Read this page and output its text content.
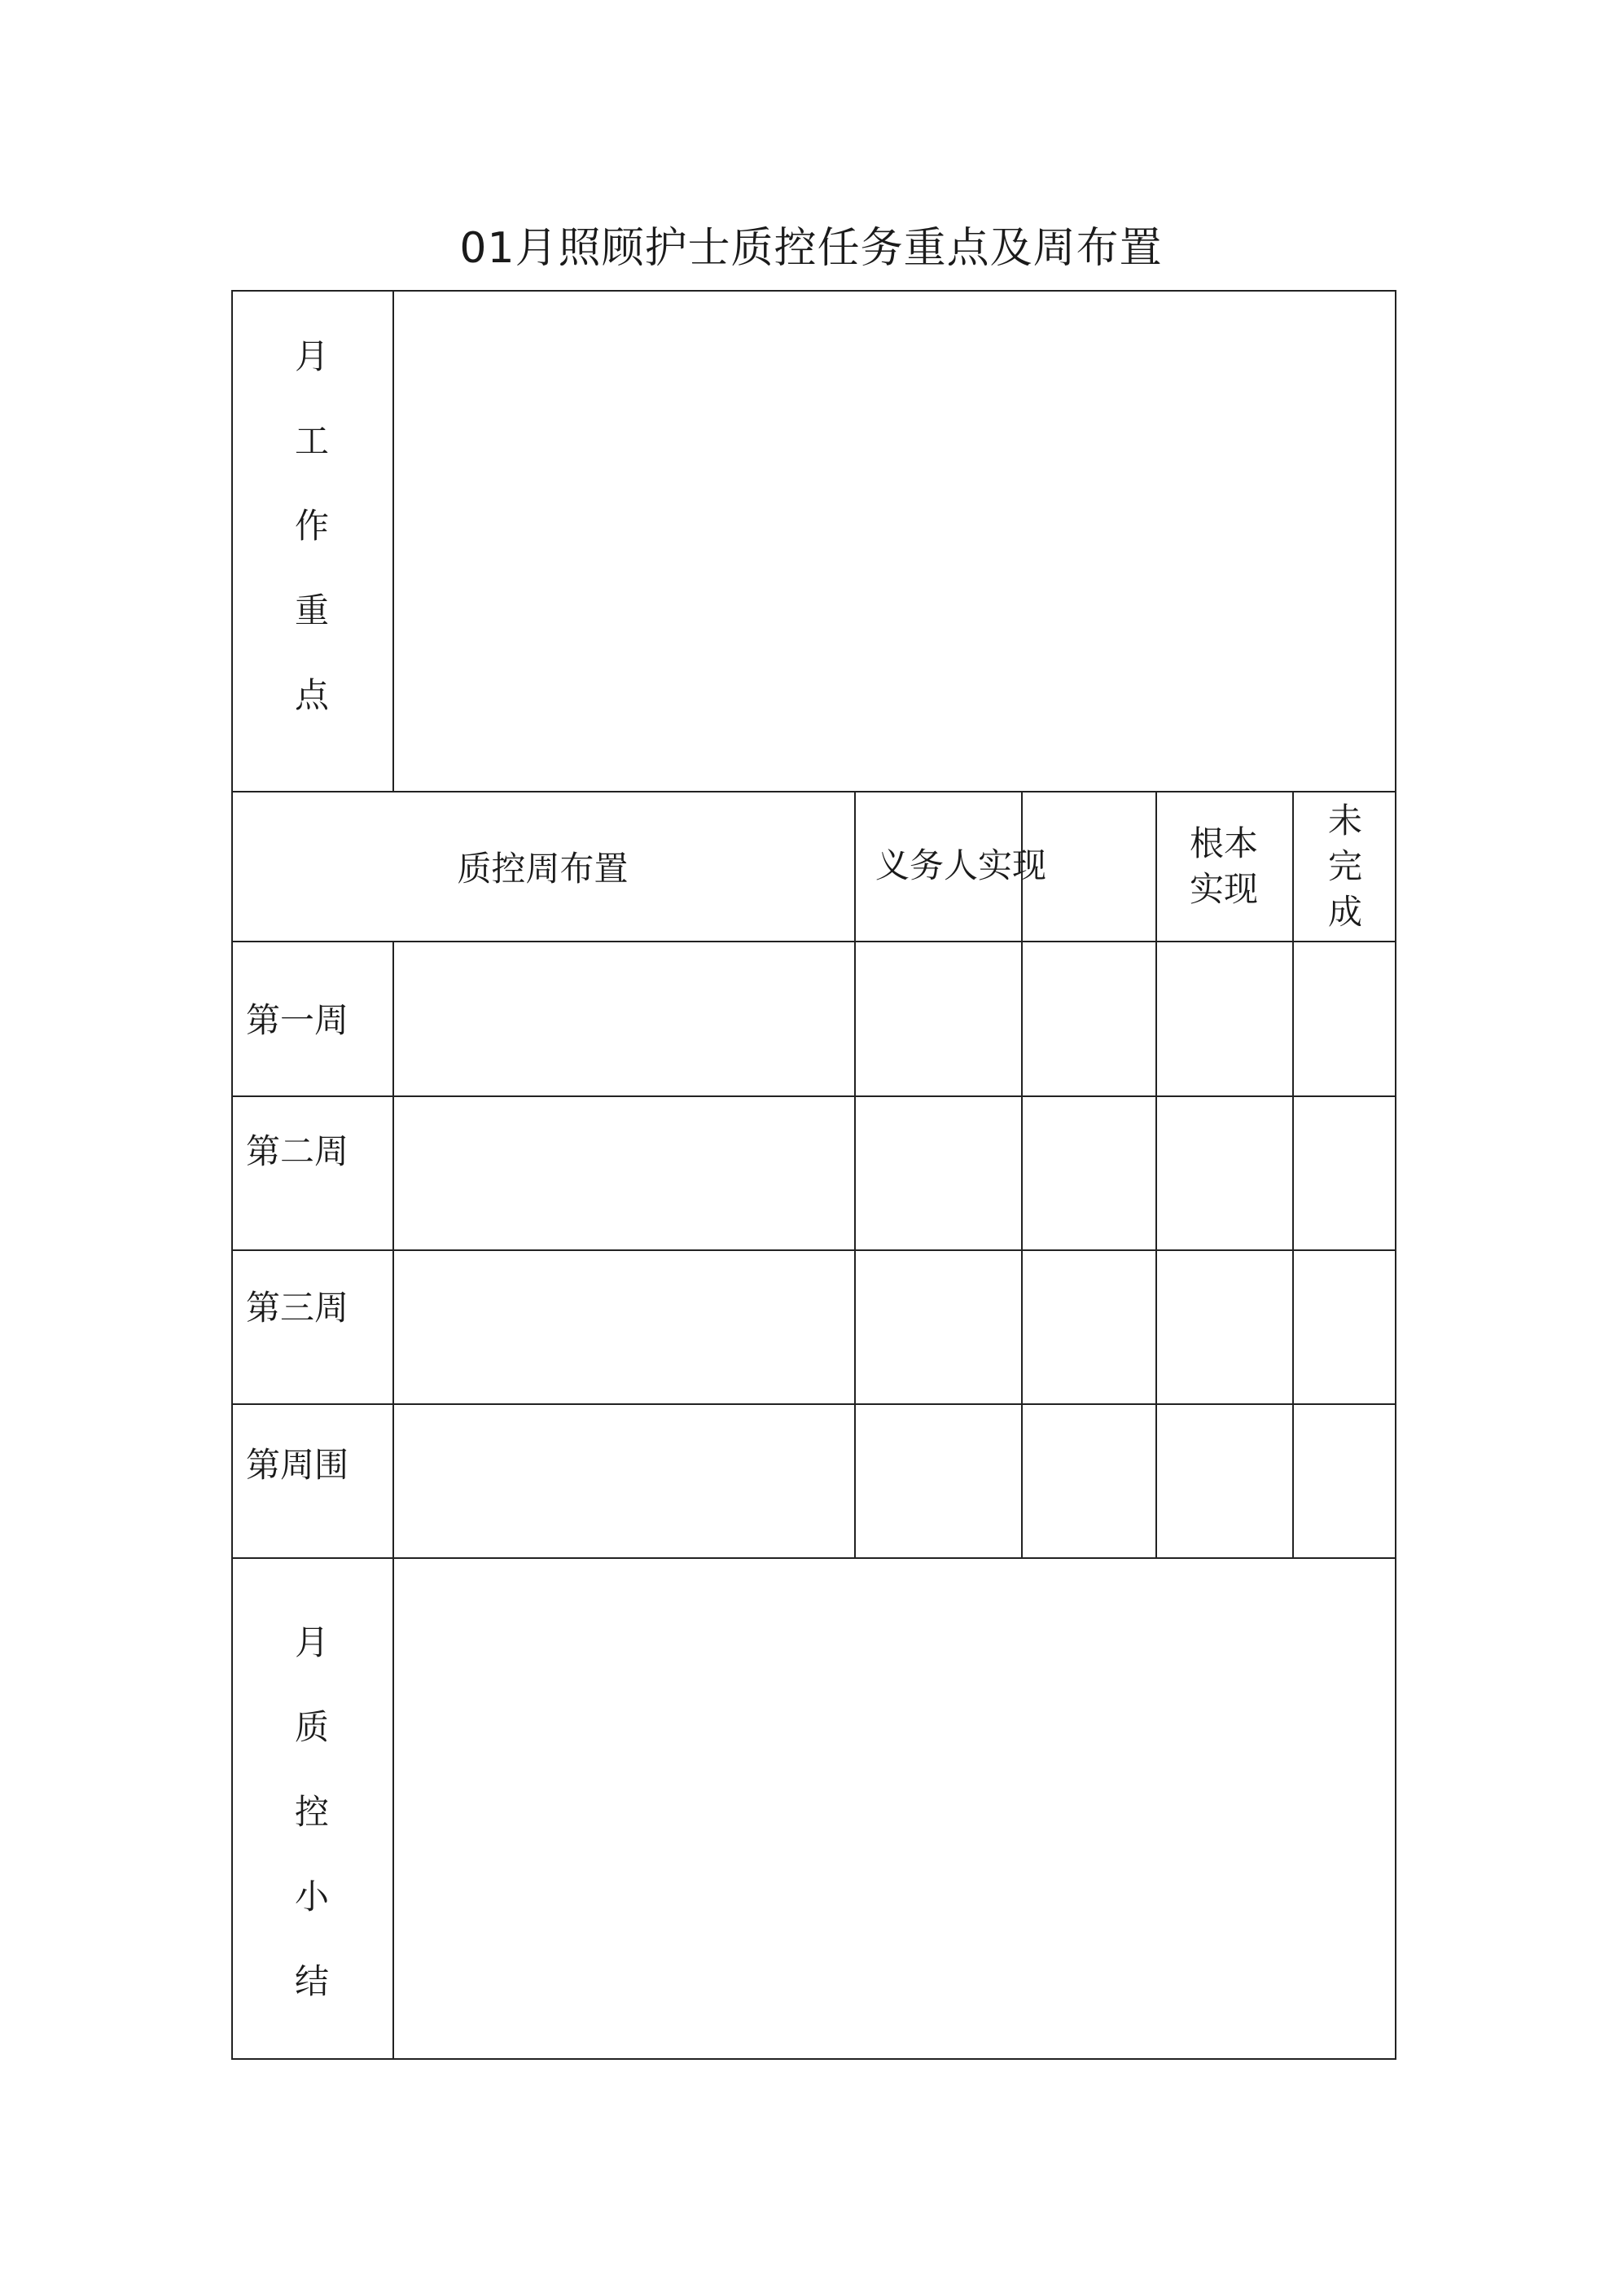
01月照顾护士质控任务重点及周布置
月
工
作
重
点
质控周布置	义务人实现
根本
实现
未
完
成
第一周
第二周
第三周
第周围
月
质
控
小
结
